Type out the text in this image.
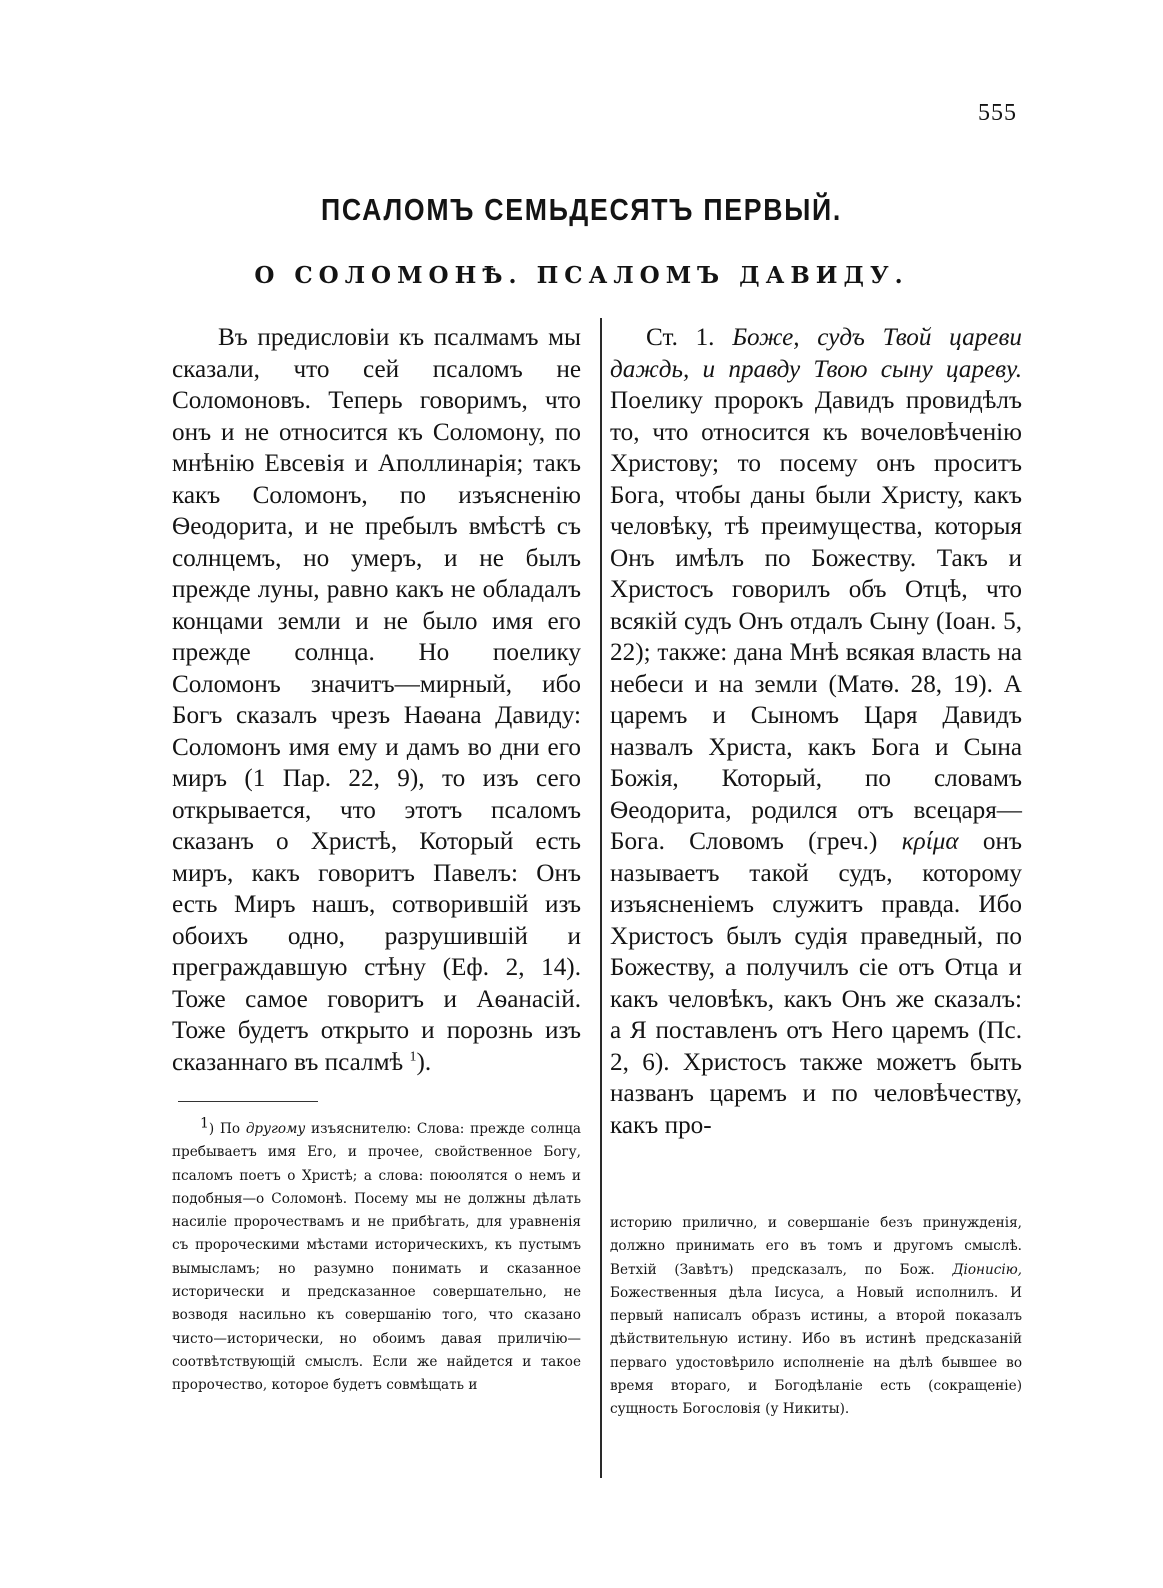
555
ПСАЛОМЪ СЕМЬДЕСЯТЪ ПЕРВЫЙ.
О СОЛОМОНѢ. ПСАЛОМЪ ДАВИДУ.

Въ предисловіи къ псалмамъ мы сказали, что сей псаломъ не Соломоновъ. Теперь говоримъ, что онъ и не относится къ Соломону, по мнѣнію Евсевія и Аполлинарія; такъ какъ Соломонъ, по изъясненію Ѳеодорита, и не пребылъ вмѣстѣ съ солнцемъ, но умеръ, и не былъ прежде луны, равно какъ не обладалъ концами земли и не было имя его прежде солнца. Но поелику Соломонъ значитъ—мирный, ибо Богъ сказалъ чрезъ Наѳана Давиду: Соломонъ имя ему и дамъ во дни его миръ (1 Пар. 22, 9), то изъ сего открывается, что этотъ псаломъ сказанъ о Христѣ, Который есть миръ, какъ говоритъ Павелъ: Онъ есть Миръ нашъ, сотворившій изъ обоихъ одно, разрушившій и преграждавшую стѣну (Еф. 2, 14). Тоже самое говоритъ и Аѳанасій. Тоже будетъ открыто и порознь изъ сказаннаго въ псалмѣ $^1$).

$^1$) По другому изъяснителю: Слова: прежде солнца пребываетъ имя Его, и прочее, свойственное Богу, псаломъ поетъ о Христѣ; а слова: поюолятся о немъ и подобныя—о Соломонѣ. Посему мы не должны дѣлать насиліе пророчествамъ и не прибѣгать, для уравненія съ пророческими мѣстами историческихъ, къ пустымъ вымысламъ; но разумно понимать и сказанное исторически и предсказанное совершательно, не возводя насильно къ совершанію того, что сказано чисто—исторически, но обоимъ давая приличію—соотвѣтствующій смыслъ. Если же найдется и такое пророчество, которое будетъ совмѣщать и

Ст. 1. Боже, судъ Твой цареви даждь, и правду Твою сыну цареву. Поелику пророкъ Давидъ провидѣлъ то, что относится къ вочеловѣченію Христову; то посему онъ проситъ Бога, чтобы даны были Христу, какъ человѣку, тѣ преимущества, которыя Онъ имѣлъ по Божеству. Такъ и Христосъ говорилъ объ Отцѣ, что всякій судъ Онъ отдалъ Сыну (Іоан. 5, 22); также: дана Мнѣ всякая власть на небеси и на земли (Матѳ. 28, 19). А царемъ и Сыномъ Царя Давидъ назвалъ Христа, какъ Бога и Сына Божія, Который, по словамъ Ѳеодорита, родился отъ всецаря—Бога. Словомъ (греч.) κρίμα онъ называетъ такой судъ, которому изъясненіемъ служитъ правда. Ибо Христосъ былъ судія праведный, по Божеству, а получилъ сіе отъ Отца и какъ человѣкъ, какъ Онъ же сказалъ: а Я поставленъ отъ Него царемъ (Пс. 2, 6). Христосъ также можетъ быть названъ царемъ и по человѣчеству, какъ про-

историю прилично, и совершаніе безъ принужденія, должно принимать его въ томъ и другомъ смыслѣ. Ветхій (Завѣтъ) предсказалъ, по Бож. Діонисію, Божественныя дѣла Іисуса, а Новый исполнилъ. И первый написалъ образъ истины, а второй показалъ дѣйствительную истину. Ибо въ истинѣ предсказаній перваго удостовѣрило исполненіе на дѣлѣ бывшее во время втораго, и Богодѣланіе есть (сокращеніе) сущность Богословія (у Никиты).
